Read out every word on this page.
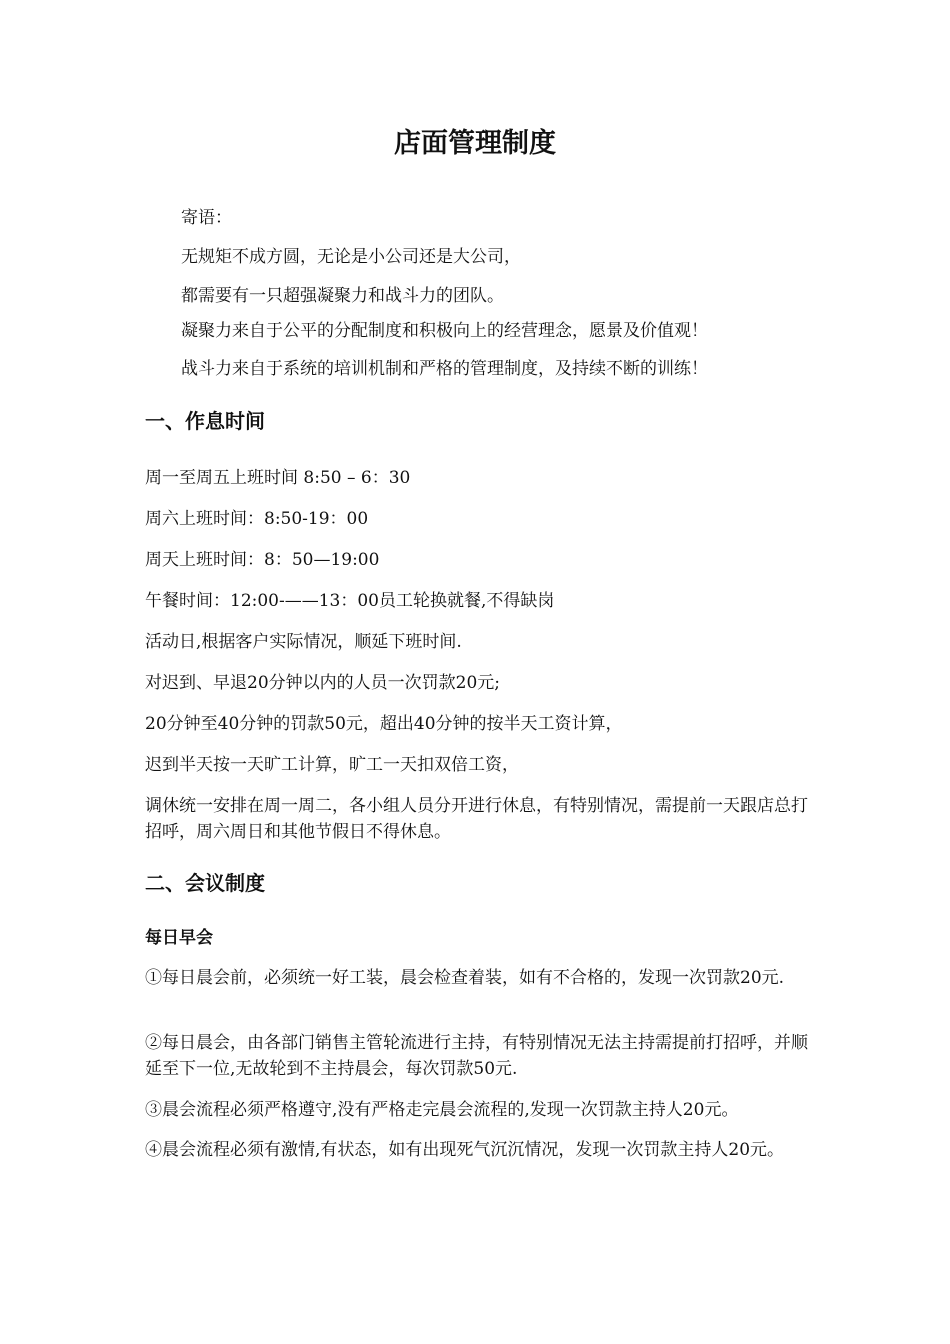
店面管理制度
寄语：
无规矩不成方圆，无论是小公司还是大公司，
都需要有一只超强凝聚力和战斗力的团队。
凝聚力来自于公平的分配制度和积极向上的经营理念，愿景及价值观！
战斗力来自于系统的培训机制和严格的管理制度，及持续不断的训练！
一、作息时间
周一至周五上班时间 8:50 – 6：30
周六上班时间：8:50-19：00
周天上班时间：8：50—19:00
午餐时间：12:00-——13：00员工轮换就餐,不得缺岗
活动日,根据客户实际情况，顺延下班时间.
对迟到、早退20分钟以内的人员一次罚款20元;
20分钟至40分钟的罚款50元，超出40分钟的按半天工资计算，
迟到半天按一天旷工计算，旷工一天扣双倍工资，
调休统一安排在周一周二，各小组人员分开进行休息，有特别情况，需提前一天跟店总打招呼，周六周日和其他节假日不得休息。
二、会议制度
每日早会
①每日晨会前，必须统一好工装，晨会检查着装，如有不合格的，发现一次罚款20元.
②每日晨会，由各部门销售主管轮流进行主持，有特别情况无法主持需提前打招呼，并顺延至下一位,无故轮到不主持晨会，每次罚款50元.
③晨会流程必须严格遵守,没有严格走完晨会流程的,发现一次罚款主持人20元。
④晨会流程必须有激情,有状态，如有出现死气沉沉情况，发现一次罚款主持人20元。
